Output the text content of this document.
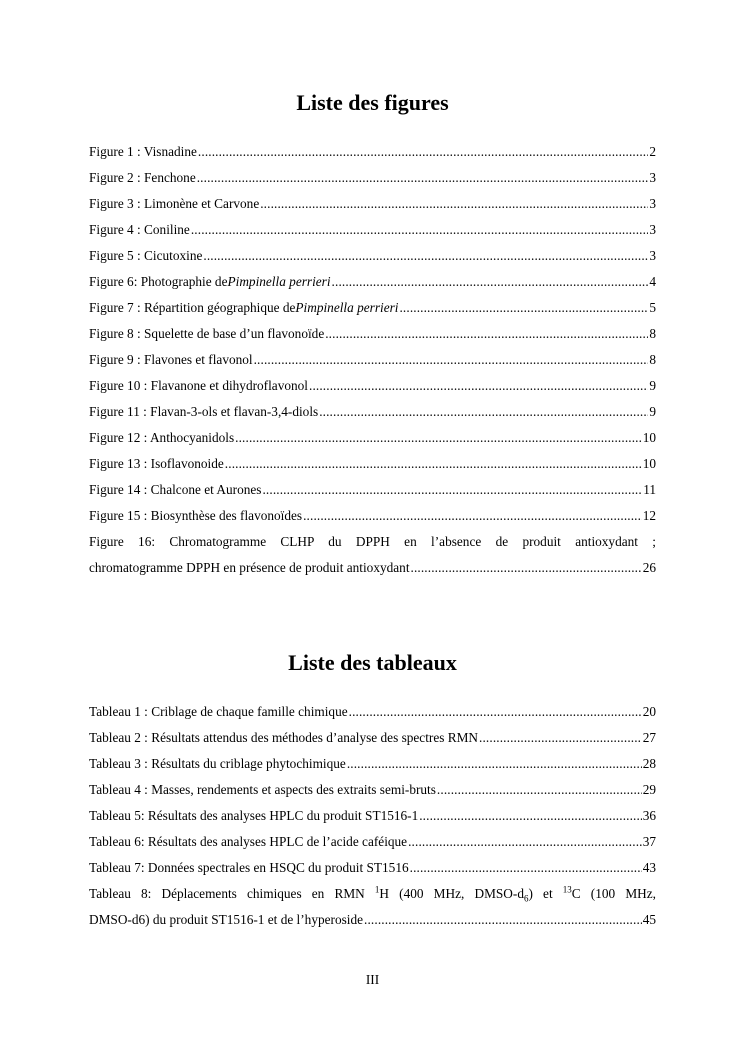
Liste des figures
Figure 1 : Visnadine . . .	2
Figure 2 : Fenchone . . .	3
Figure 3 : Limonène et Carvone . . .	3
Figure 4 : Coniline . . .	3
Figure 5 : Cicutoxine . . .	3
Figure 6: Photographie de Pimpinella perrieri . . .	4
Figure 7 : Répartition géographique de Pimpinella perrieri . . .	5
Figure 8 : Squelette de base d’un flavonoïde . . .	8
Figure 9 : Flavones et flavonol . . .	8
Figure 10 : Flavanone et dihydroflavonol . . .	9
Figure 11 : Flavan-3-ols et flavan-3,4-diols . . .	9
Figure 12 : Anthocyanidols . . .	10
Figure 13 : Isoflavonoide . . .	10
Figure 14 : Chalcone et Aurones . . .	11
Figure 15 : Biosynthèse des flavonoïdes . . .	12
Figure 16: Chromatogramme CLHP du DPPH en l’absence de produit antioxydant ;
chromatogramme DPPH en présence de produit antioxydant . . .	26
Liste des tableaux
Tableau 1 : Criblage de chaque famille chimique . . .	20
Tableau 2 : Résultats attendus des méthodes d’analyse des spectres RMN . . .	27
Tableau 3 : Résultats du criblage phytochimique . . .	28
Tableau 4 : Masses, rendements et aspects des extraits semi-bruts . . .	29
Tableau 5: Résultats des analyses HPLC du produit ST1516-1 . . .	36
Tableau 6: Résultats des analyses HPLC de l’acide caféique . . .	37
Tableau 7: Données spectrales en HSQC du produit ST1516 . . .	43
Tableau 8: Déplacements chimiques en RMN $^1$H (400 MHz, DMSO-$d_6$) et $^{13}$C (100 MHz,
DMSO-d6) du produit ST1516-1 et de l’hyperoside . . .	45
III
